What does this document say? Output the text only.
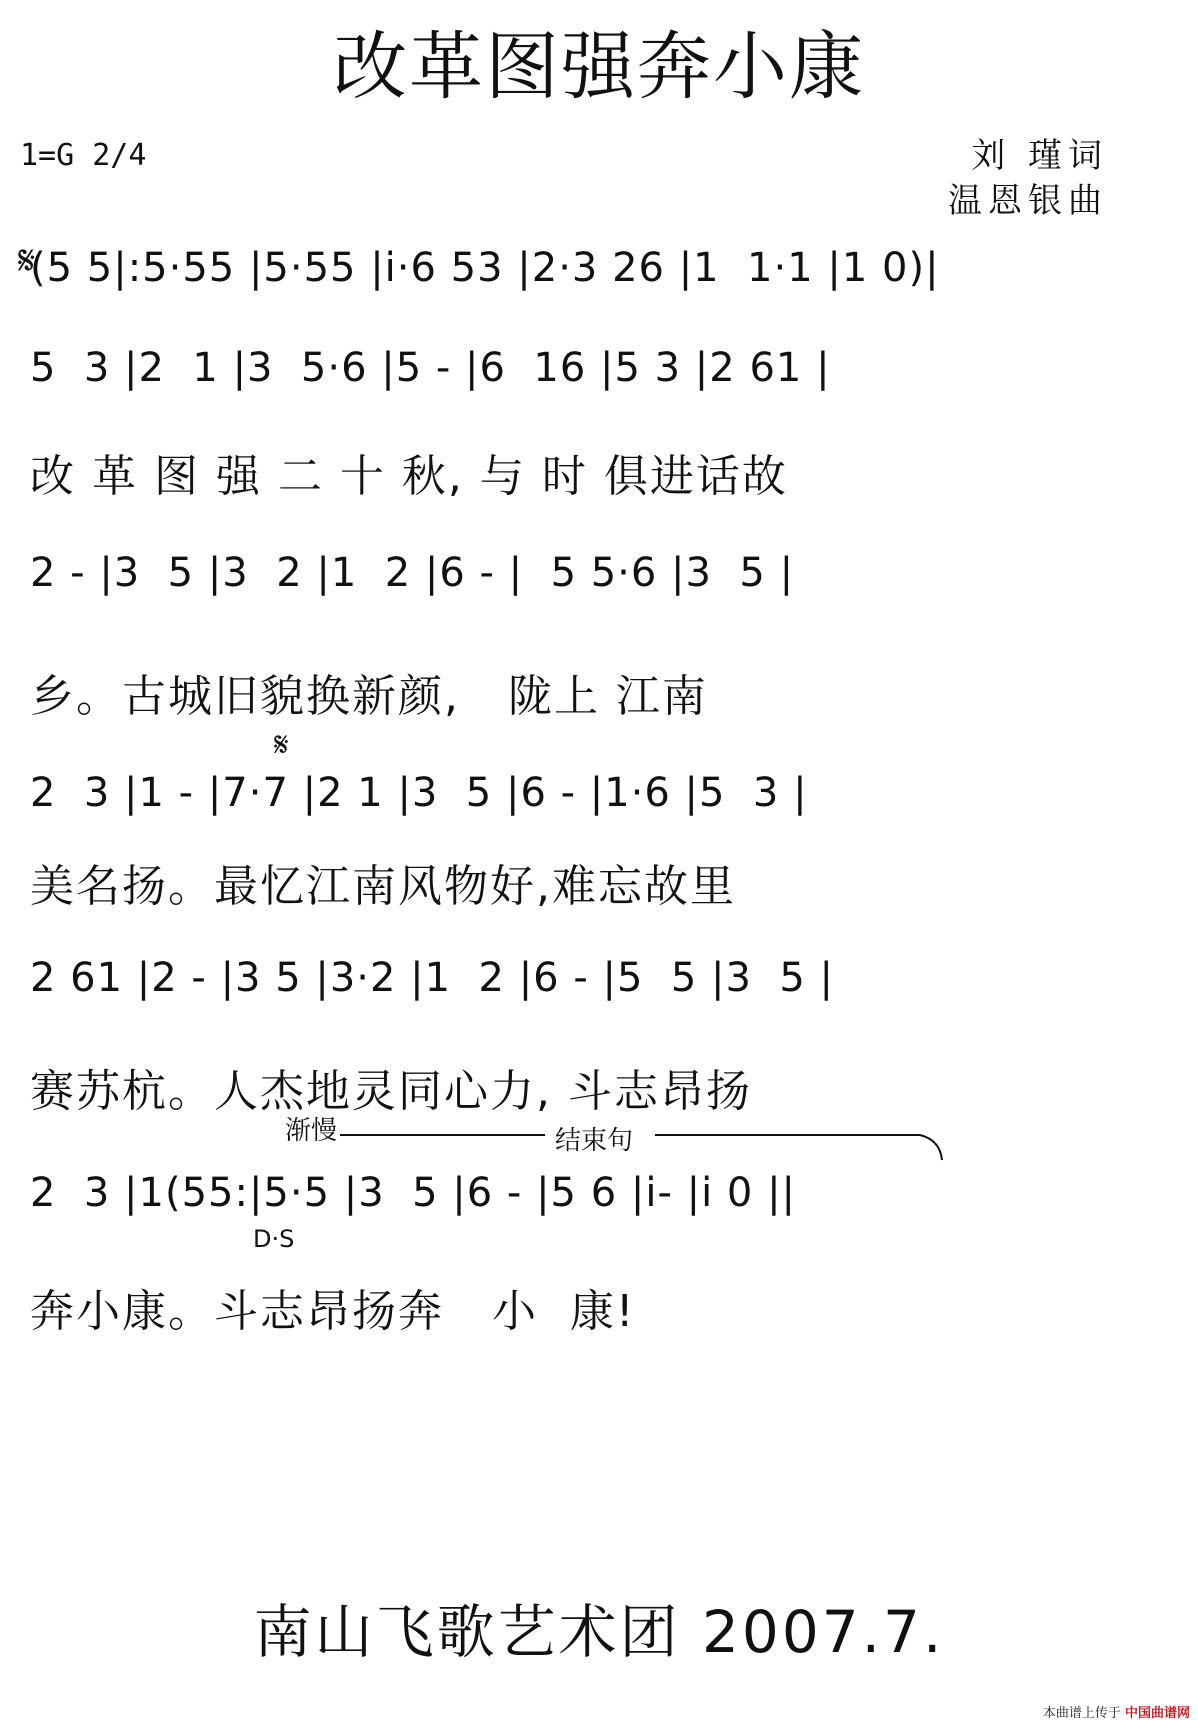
改革图强奔小康
1=G 2/4	刘 瑾词
温恩银曲
𝄋
𝄋
(5 5|:5·55 |5·55 |i·6 53 |2·3 26 |1  1·1 |1 0)|
5  3 |2  1 |3  5·6 |5 - |6  16 |5 3 |2 61 |
改 革 图 强 二 十 秋, 与 时 俱进话故
2 - |3  5 |3  2 |1  2 |6 - |  5 5·6 |3  5 |
乡。古城旧貌换新颜,   陇上 江南
2  3 |1 - |7·7 |2 1 |3  5 |6 - |1·6 |5  3 |
美名扬。最忆江南风物好,难忘故里
2 61 |2 - |3 5 |3·2 |1  2 |6 - |5  5 |3  5 |
赛苏杭。人杰地灵同心力, 斗志昂扬
渐慢	结束句
2  3 |1(55:|5·5 |3  5 |6 - |5 6 |i- |i 0 ||
D·S
奔小康。斗志昂扬奔   小  康!
南山飞歌艺术团 2007.7.
本曲谱上传于 中国曲谱网
